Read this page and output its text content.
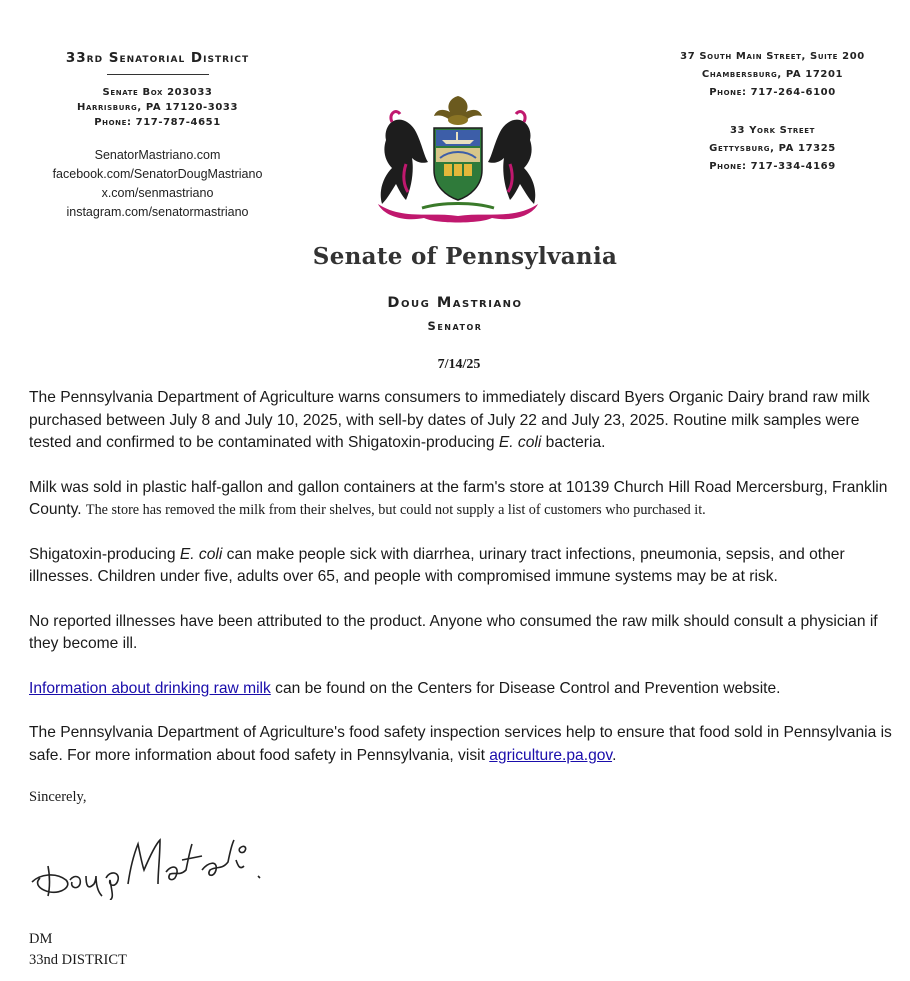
33rd Senatorial District
Senate Box 203033
Harrisburg, PA 17120-3033
Phone: 717-787-4651
SenatorMastriano.com
facebook.com/SenatorDougMastriano
x.com/senmastriano
instagram.com/senatormastriano
37 South Main Street, Suite 200
Chambersburg, PA 17201
Phone: 717-264-6100
33 York Street
Gettysburg, PA 17325
Phone: 717-334-4169
Senate of Pennsylvania
Doug Mastriano
Senator
7/14/25

The Pennsylvania Department of Agriculture warns consumers to immediately discard Byers Organic Dairy brand raw milk purchased between July 8 and July 10, 2025, with sell-by dates of July 22 and July 23, 2025. Routine milk samples were tested and confirmed to be contaminated with Shigatoxin-producing E. coli bacteria.

Milk was sold in plastic half-gallon and gallon containers at the farm's store at 10139 Church Hill Road Mercersburg, Franklin County. The store has removed the milk from their shelves, but could not supply a list of customers who purchased it.

Shigatoxin-producing E. coli can make people sick with diarrhea, urinary tract infections, pneumonia, sepsis, and other illnesses. Children under five, adults over 65, and people with compromised immune systems may be at risk.

No reported illnesses have been attributed to the product. Anyone who consumed the raw milk should consult a physician if they become ill.

Information about drinking raw milk can be found on the Centers for Disease Control and Prevention website.

The Pennsylvania Department of Agriculture's food safety inspection services help to ensure that food sold in Pennsylvania is safe. For more information about food safety in Pennsylvania, visit agriculture.pa.gov.

Sincerely,
DM
33nd DISTRICT
